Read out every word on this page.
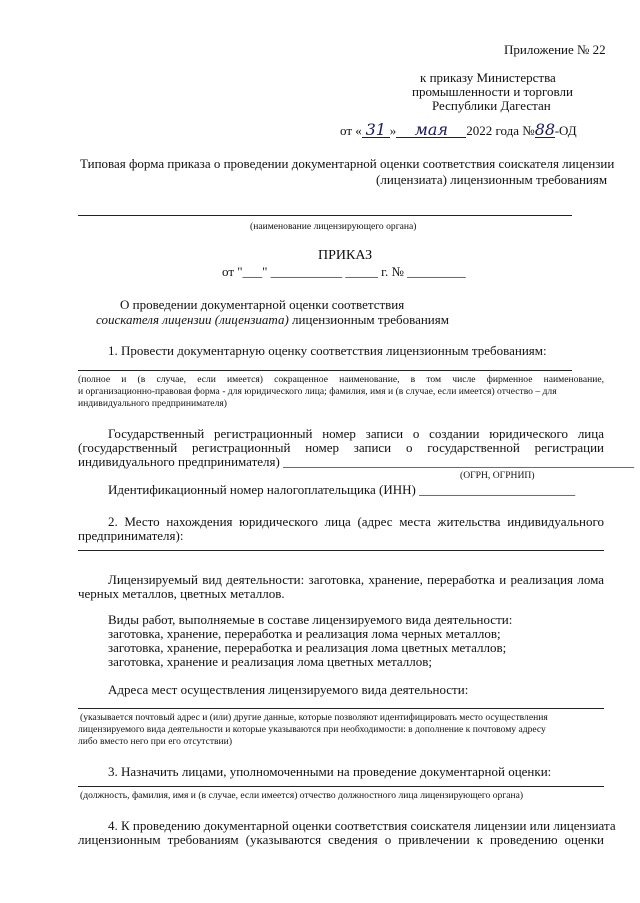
Приложение № 22
к приказу Министерства
промышленности и торговли
Республики Дагестан
от « 31 » мая 2022 года №88-ОД
Типовая форма приказа о проведении документарной оценки соответствия соискателя лицензии
(лицензиата) лицензионным требованиям
(наименование лицензирующего органа)
ПРИКАЗ
от "___" ___________ _____ г. № _________
О проведении документарной оценки соответствия
соискателя лицензии (лицензиата) лицензионным требованиям
1. Провести документарную оценку соответствия лицензионным требованиям:
(полное и (в случае, если имеется) сокращенное наименование, в том числе фирменное наименование,
и организационно-правовая форма - для юридического лица; фамилия, имя и (в случае, если имеется) отчество – для
индивидуального предпринимателя)
Государственный регистрационный номер записи о создании юридического лица
(государственный регистрационный номер записи о государственной регистрации
индивидуального предпринимателя) ______________________________________________________
(ОГРН, ОГРНИП)
Идентификационный номер налогоплательщика (ИНН) ________________________
2. Место нахождения юридического лица (адрес места жительства индивидуального
предпринимателя):
Лицензируемый вид деятельности: заготовка, хранение, переработка и реализация лома
черных металлов, цветных металлов.
Виды работ, выполняемые в составе лицензируемого вида деятельности:
заготовка, хранение, переработка и реализация лома черных металлов;
заготовка, хранение, переработка и реализация лома цветных металлов;
заготовка, хранение и реализация лома цветных металлов;
Адреса мест осуществления лицензируемого вида деятельности:
(указывается почтовый адрес и (или) другие данные, которые позволяют идентифицировать место осуществления
лицензируемого вида деятельности и которые указываются при необходимости: в дополнение к почтовому адресу
либо вместо него при его отсутствии)
3. Назначить лицами, уполномоченными на проведение документарной оценки:
(должность, фамилия, имя и (в случае, если имеется) отчество должностного лица лицензирующего органа)
4. К проведению документарной оценки соответствия соискателя лицензии или лицензиата
лицензионным требованиям (указываются сведения о привлечении к проведению оценки
